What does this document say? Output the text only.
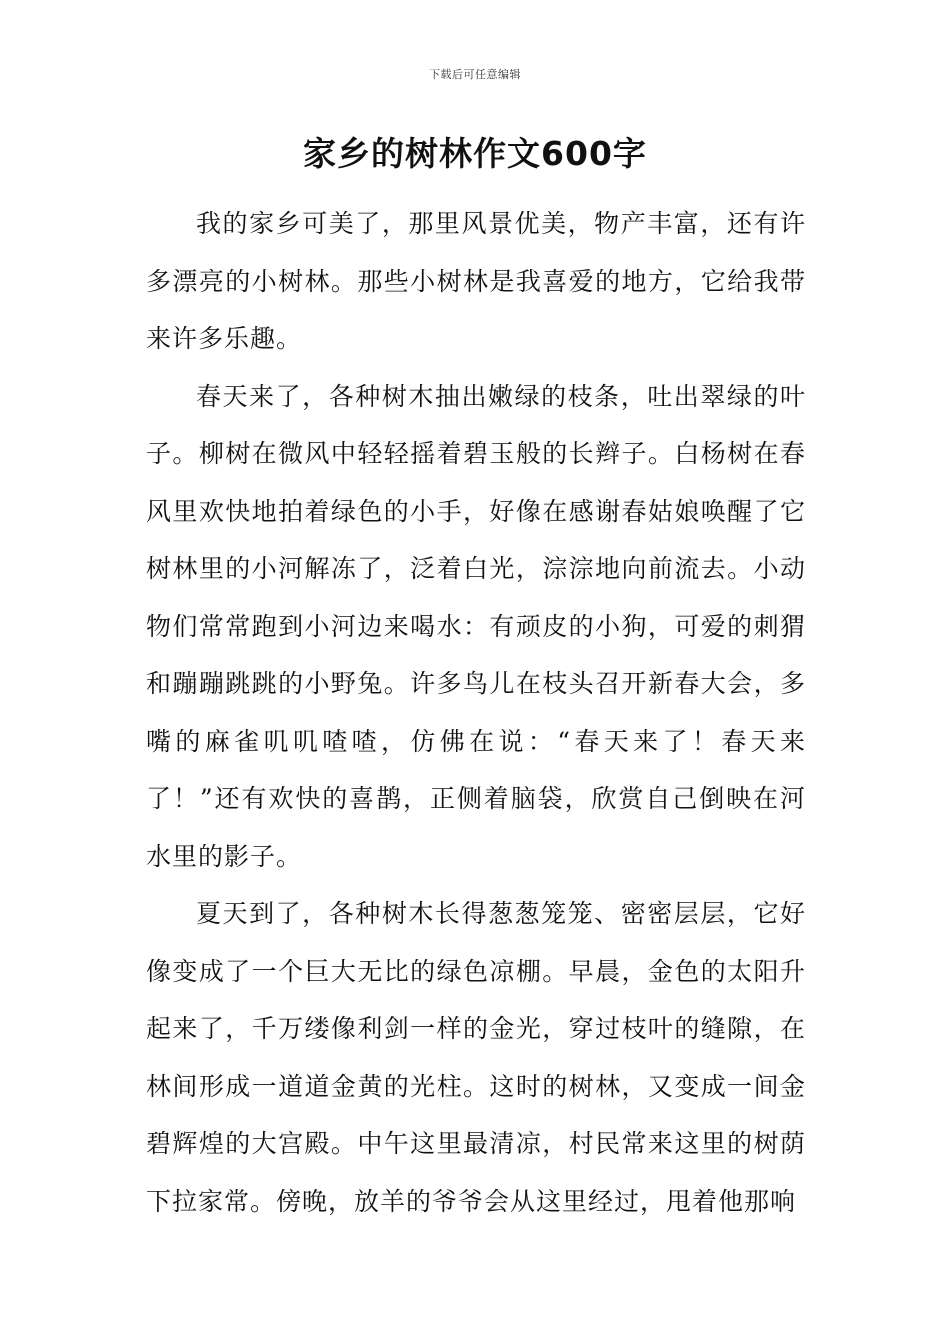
下载后可任意编辑
家乡的树林作文600字

我的家乡可美了，那里风景优美，物产丰富，还有许多漂亮的小树林。那些小树林是我喜爱的地方，它给我带来许多乐趣。

春天来了，各种树木抽出嫩绿的枝条，吐出翠绿的叶子。柳树在微风中轻轻摇着碧玉般的长辫子。白杨树在春风里欢快地拍着绿色的小手，好像在感谢春姑娘唤醒了它树林里的小河解冻了，泛着白光，淙淙地向前流去。小动物们常常跑到小河边来喝水：有顽皮的小狗，可爱的刺猬和蹦蹦跳跳的小野兔。许多鸟儿在枝头召开新春大会，多嘴的麻雀叽叽喳喳，仿佛在说：“春天来了！春天来了！”还有欢快的喜鹊，正侧着脑袋，欣赏自己倒映在河水里的影子。

夏天到了，各种树木长得葱葱笼笼、密密层层，它好像变成了一个巨大无比的绿色凉棚。早晨，金色的太阳升起来了，千万缕像利剑一样的金光，穿过枝叶的缝隙，在林间形成一道道金黄的光柱。这时的树林，又变成一间金碧辉煌的大宫殿。中午这里最清凉，村民常来这里的树荫下拉家常。傍晚，放羊的爷爷会从这里经过，甩着他那响
